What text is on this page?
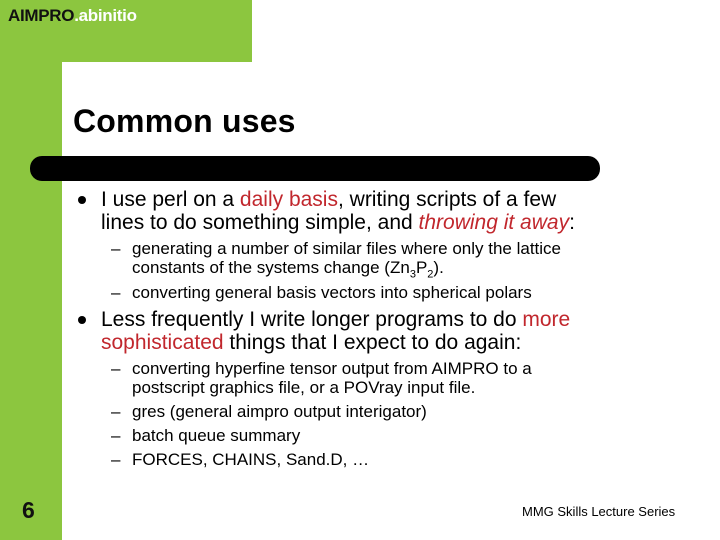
AIMPRO.abinitio
Common uses
I use perl on a daily basis, writing scripts of a few
lines to do something simple, and throwing it away:
– generating a number of similar files where only the lattice
constants of the systems change $(Zn_3P_2)$.
– converting general basis vectors into spherical polars
Less frequently I write longer programs to do more
sophisticated things that I expect to do again:
– converting hyperfine tensor output from AIMPRO to a
postscript graphics file, or a POVray input file.
– gres (general aimpro output interigator)
– batch queue summary
– FORCES, CHAINS, Sand.D, …
6	MMG Skills Lecture Series
